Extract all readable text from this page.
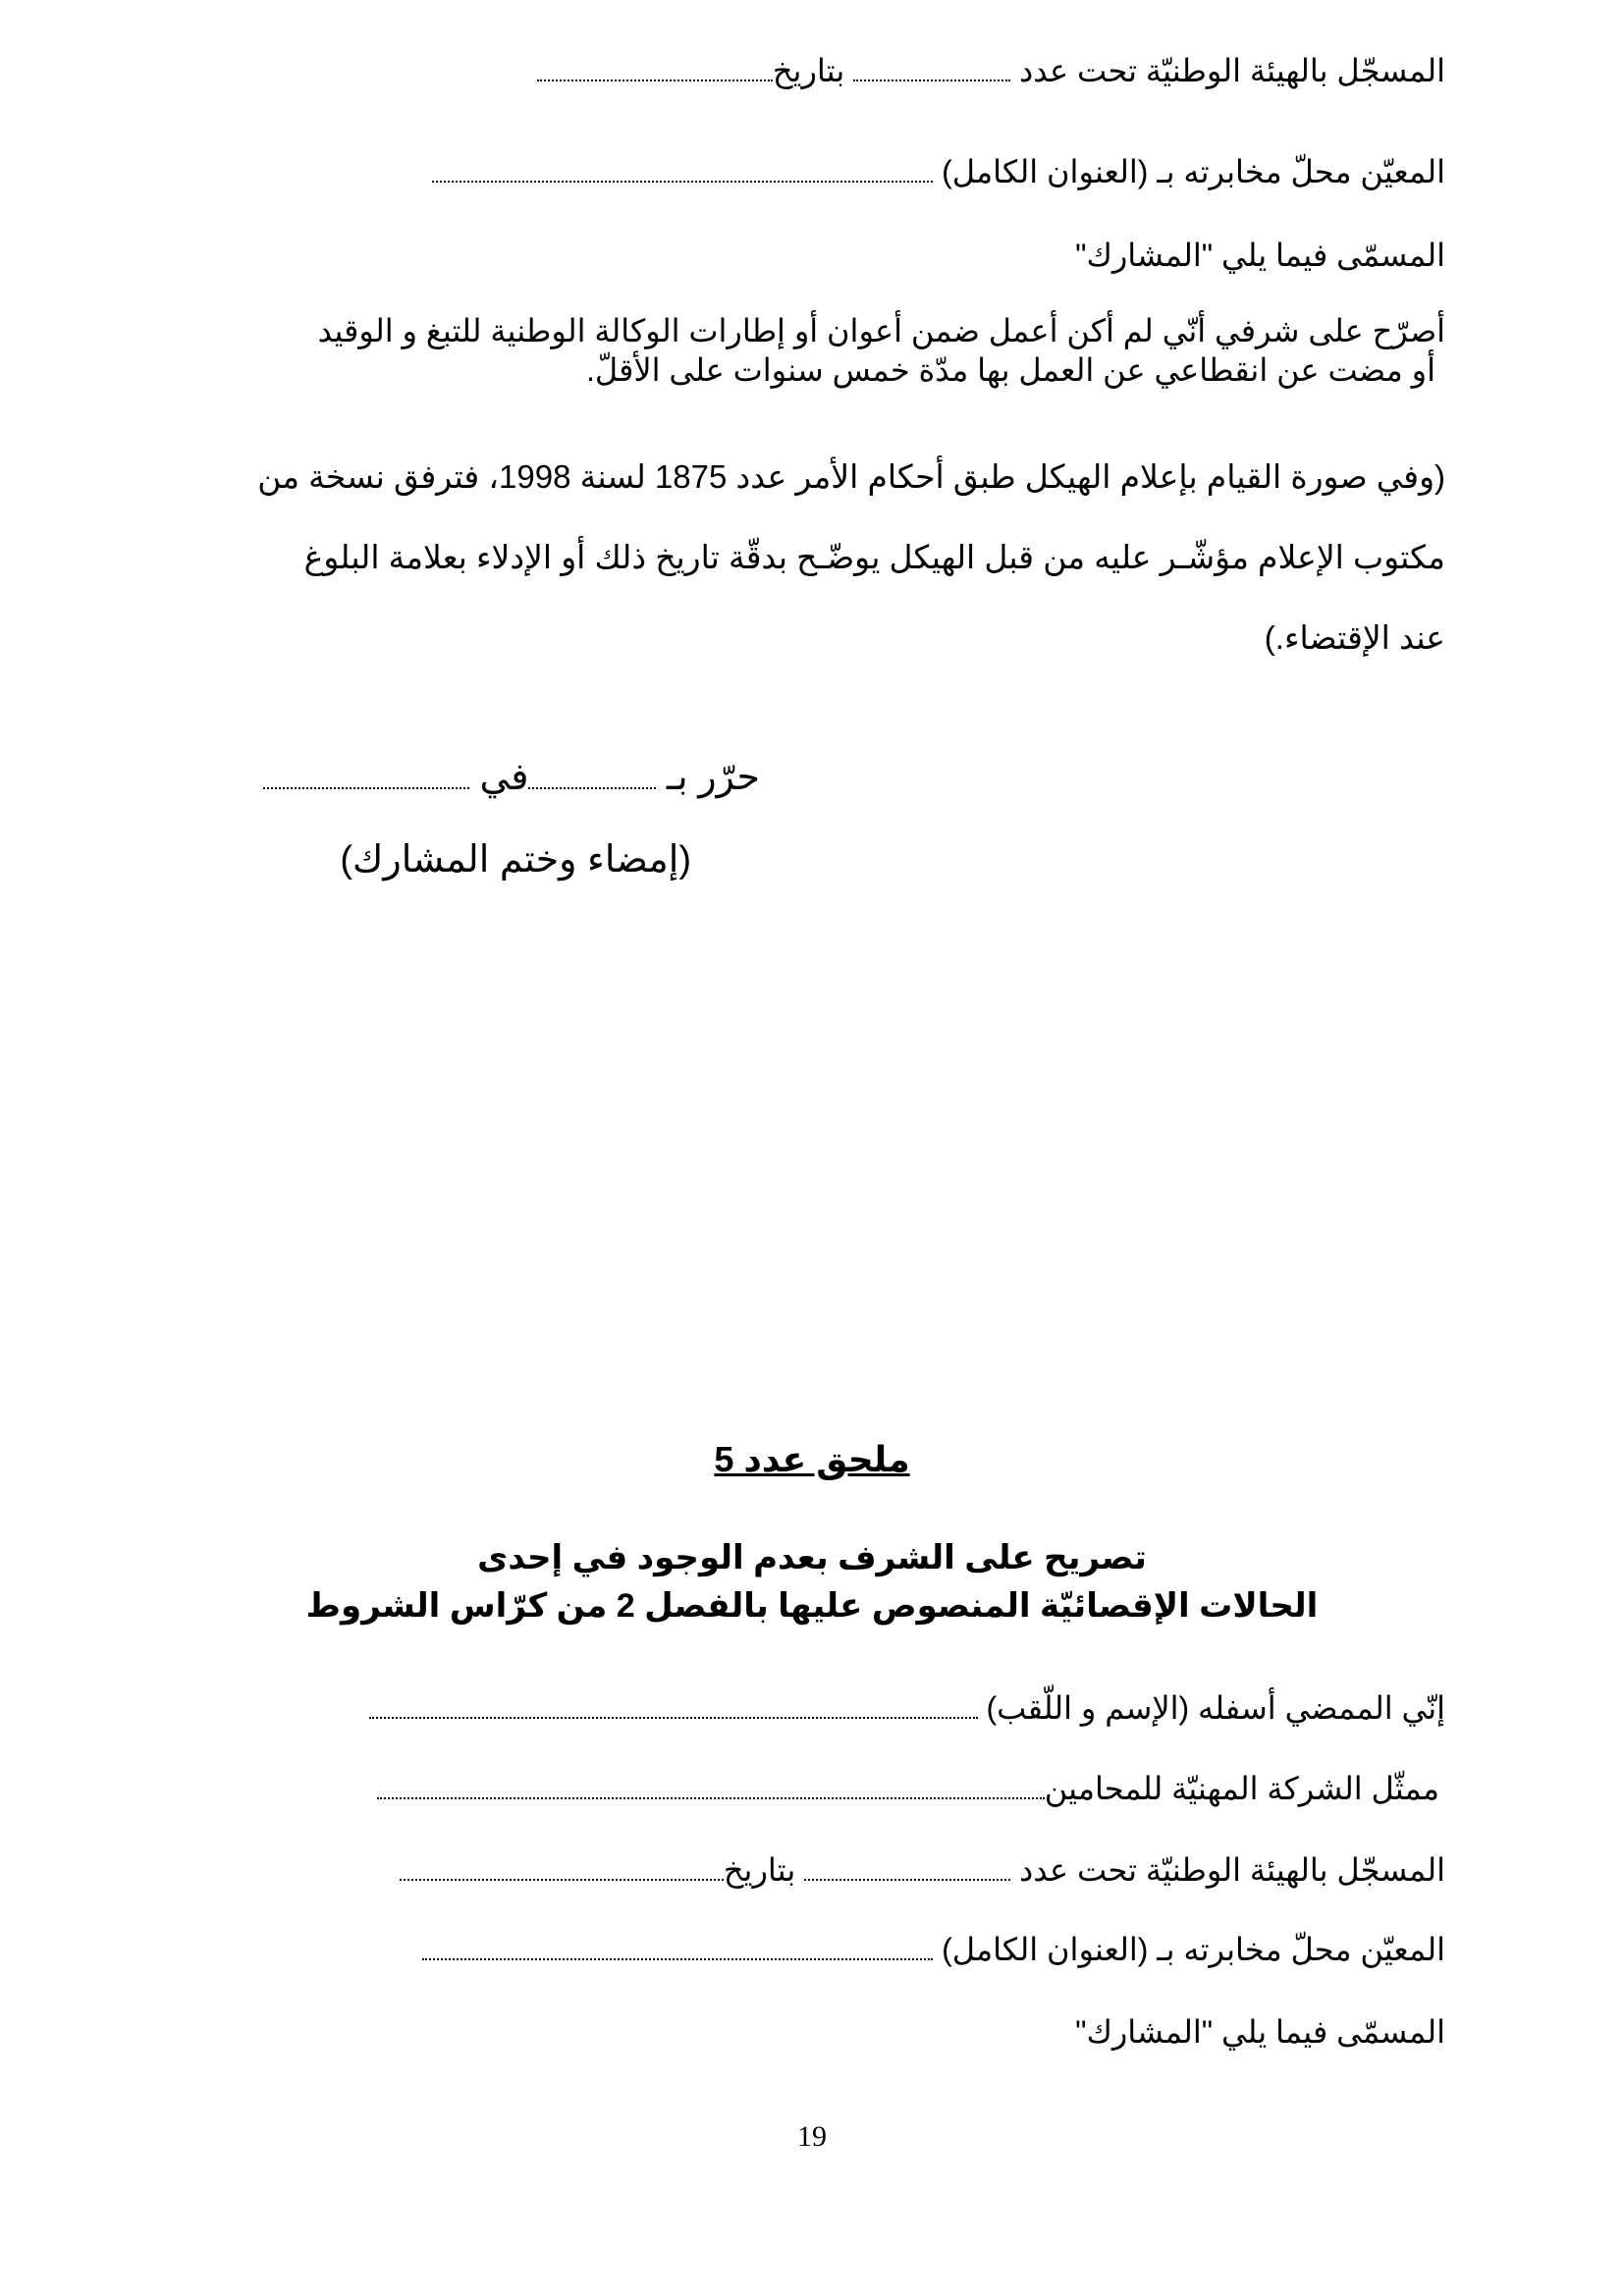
المسجّل بالهيئة الوطنيّة تحت عدد  بتاريخ
المعيّن محلّ مخابرته بـ (العنوان الكامل)
المسمّى فيما يلي "المشارك"
أصرّح على شرفي أنّي لم أكن أعمل ضمن أعوان أو إطارات الوكالة الوطنية للتبغ و الوقيد
أو مضت عن انقطاعي عن العمل بها مدّة خمس سنوات على الأقلّ.
(وفي صورة القيام بإعلام الهيكل طبق أحكام الأمر عدد 1875 لسنة 1998، فترفق نسخة من
مكتوب الإعلام مؤشّـر عليه من قبل الهيكل يوضّـح بدقّة تاريخ ذلك أو الإدلاء بعلامة البلوغ
عند الإقتضاء.)
حرّر بـ في
(إمضاء وختم المشارك)
ملحق عدد 5
تصريح على الشرف بعدم الوجود في إحدى
الحالات الإقصائيّة المنصوص عليها بالفصل 2 من كرّاس الشروط
إنّي الممضي أسفله (الإسم و اللّقب)
ممثّل الشركة المهنيّة للمحامين
المسجّل بالهيئة الوطنيّة تحت عدد  بتاريخ
المعيّن محلّ مخابرته بـ (العنوان الكامل)
المسمّى فيما يلي "المشارك"
19
